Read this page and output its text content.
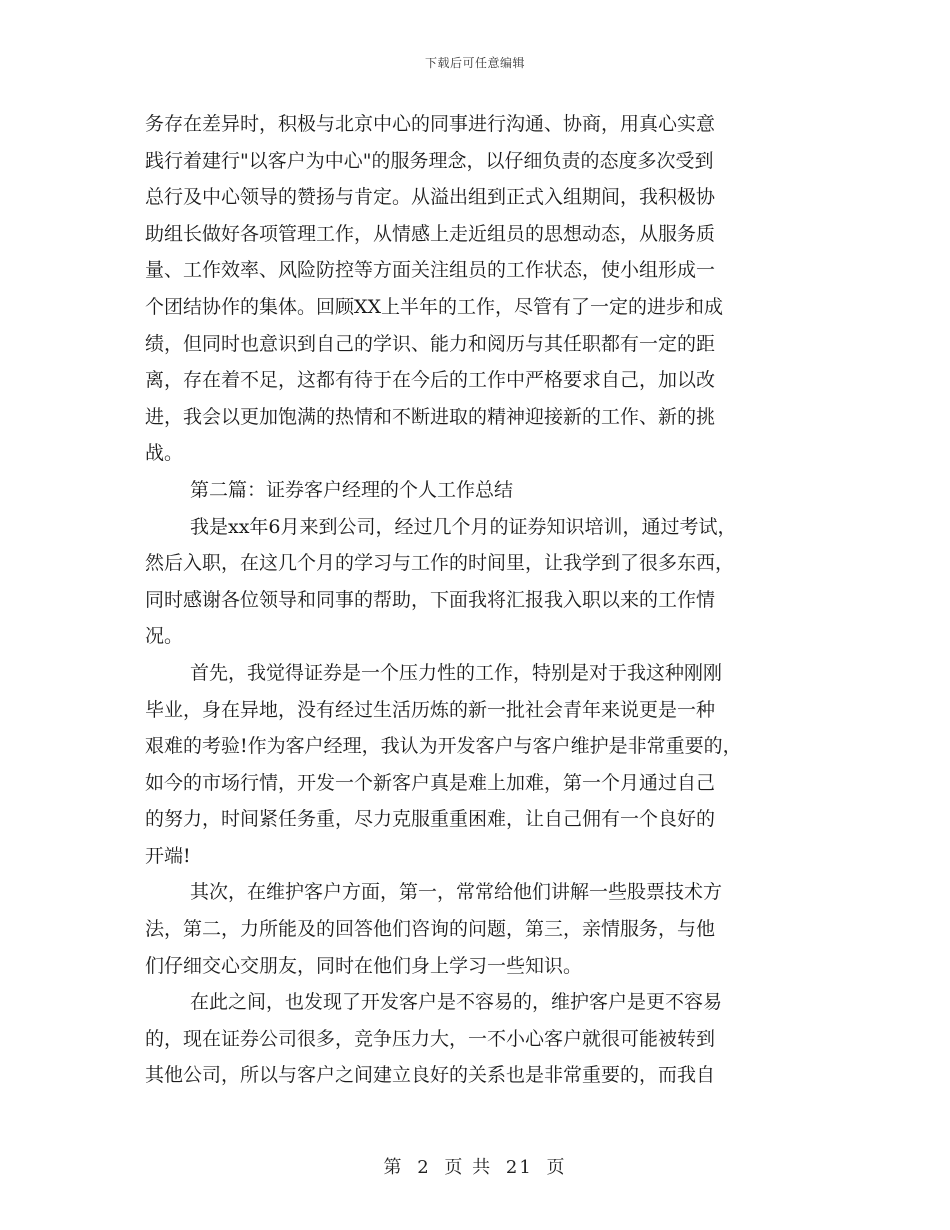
下载后可任意编辑
务存在差异时，积极与北京中心的同事进行沟通、协商，用真心实意
践行着建行"以客户为中心"的服务理念，以仔细负责的态度多次受到
总行及中心领导的赞扬与肯定。从溢出组到正式入组期间，我积极协
助组长做好各项管理工作，从情感上走近组员的思想动态，从服务质
量、工作效率、风险防控等方面关注组员的工作状态，使小组形成一
个团结协作的集体。回顾XX上半年的工作，尽管有了一定的进步和成
绩，但同时也意识到自己的学识、能力和阅历与其任职都有一定的距
离，存在着不足，这都有待于在今后的工作中严格要求自己，加以改
进，我会以更加饱满的热情和不断进取的精神迎接新的工作、新的挑
战。
第二篇：证券客户经理的个人工作总结
我是xx年6月来到公司，经过几个月的证券知识培训，通过考试，
然后入职，在这几个月的学习与工作的时间里，让我学到了很多东西，
同时感谢各位领导和同事的帮助，下面我将汇报我入职以来的工作情
况。
首先，我觉得证券是一个压力性的工作，特别是对于我这种刚刚
毕业，身在异地，没有经过生活历炼的新一批社会青年来说更是一种
艰难的考验!作为客户经理，我认为开发客户与客户维护是非常重要的，
如今的市场行情，开发一个新客户真是难上加难，第一个月通过自己
的努力，时间紧任务重，尽力克服重重困难，让自己佣有一个良好的
开端!
其次，在维护客户方面，第一，常常给他们讲解一些股票技术方
法，第二，力所能及的回答他们咨询的问题，第三，亲情服务，与他
们仔细交心交朋友，同时在他们身上学习一些知识。
在此之间，也发现了开发客户是不容易的，维护客户是更不容易
的，现在证券公司很多，竞争压力大，一不小心客户就很可能被转到
其他公司，所以与客户之间建立良好的关系也是非常重要的，而我自
第 2 页 共 21 页
